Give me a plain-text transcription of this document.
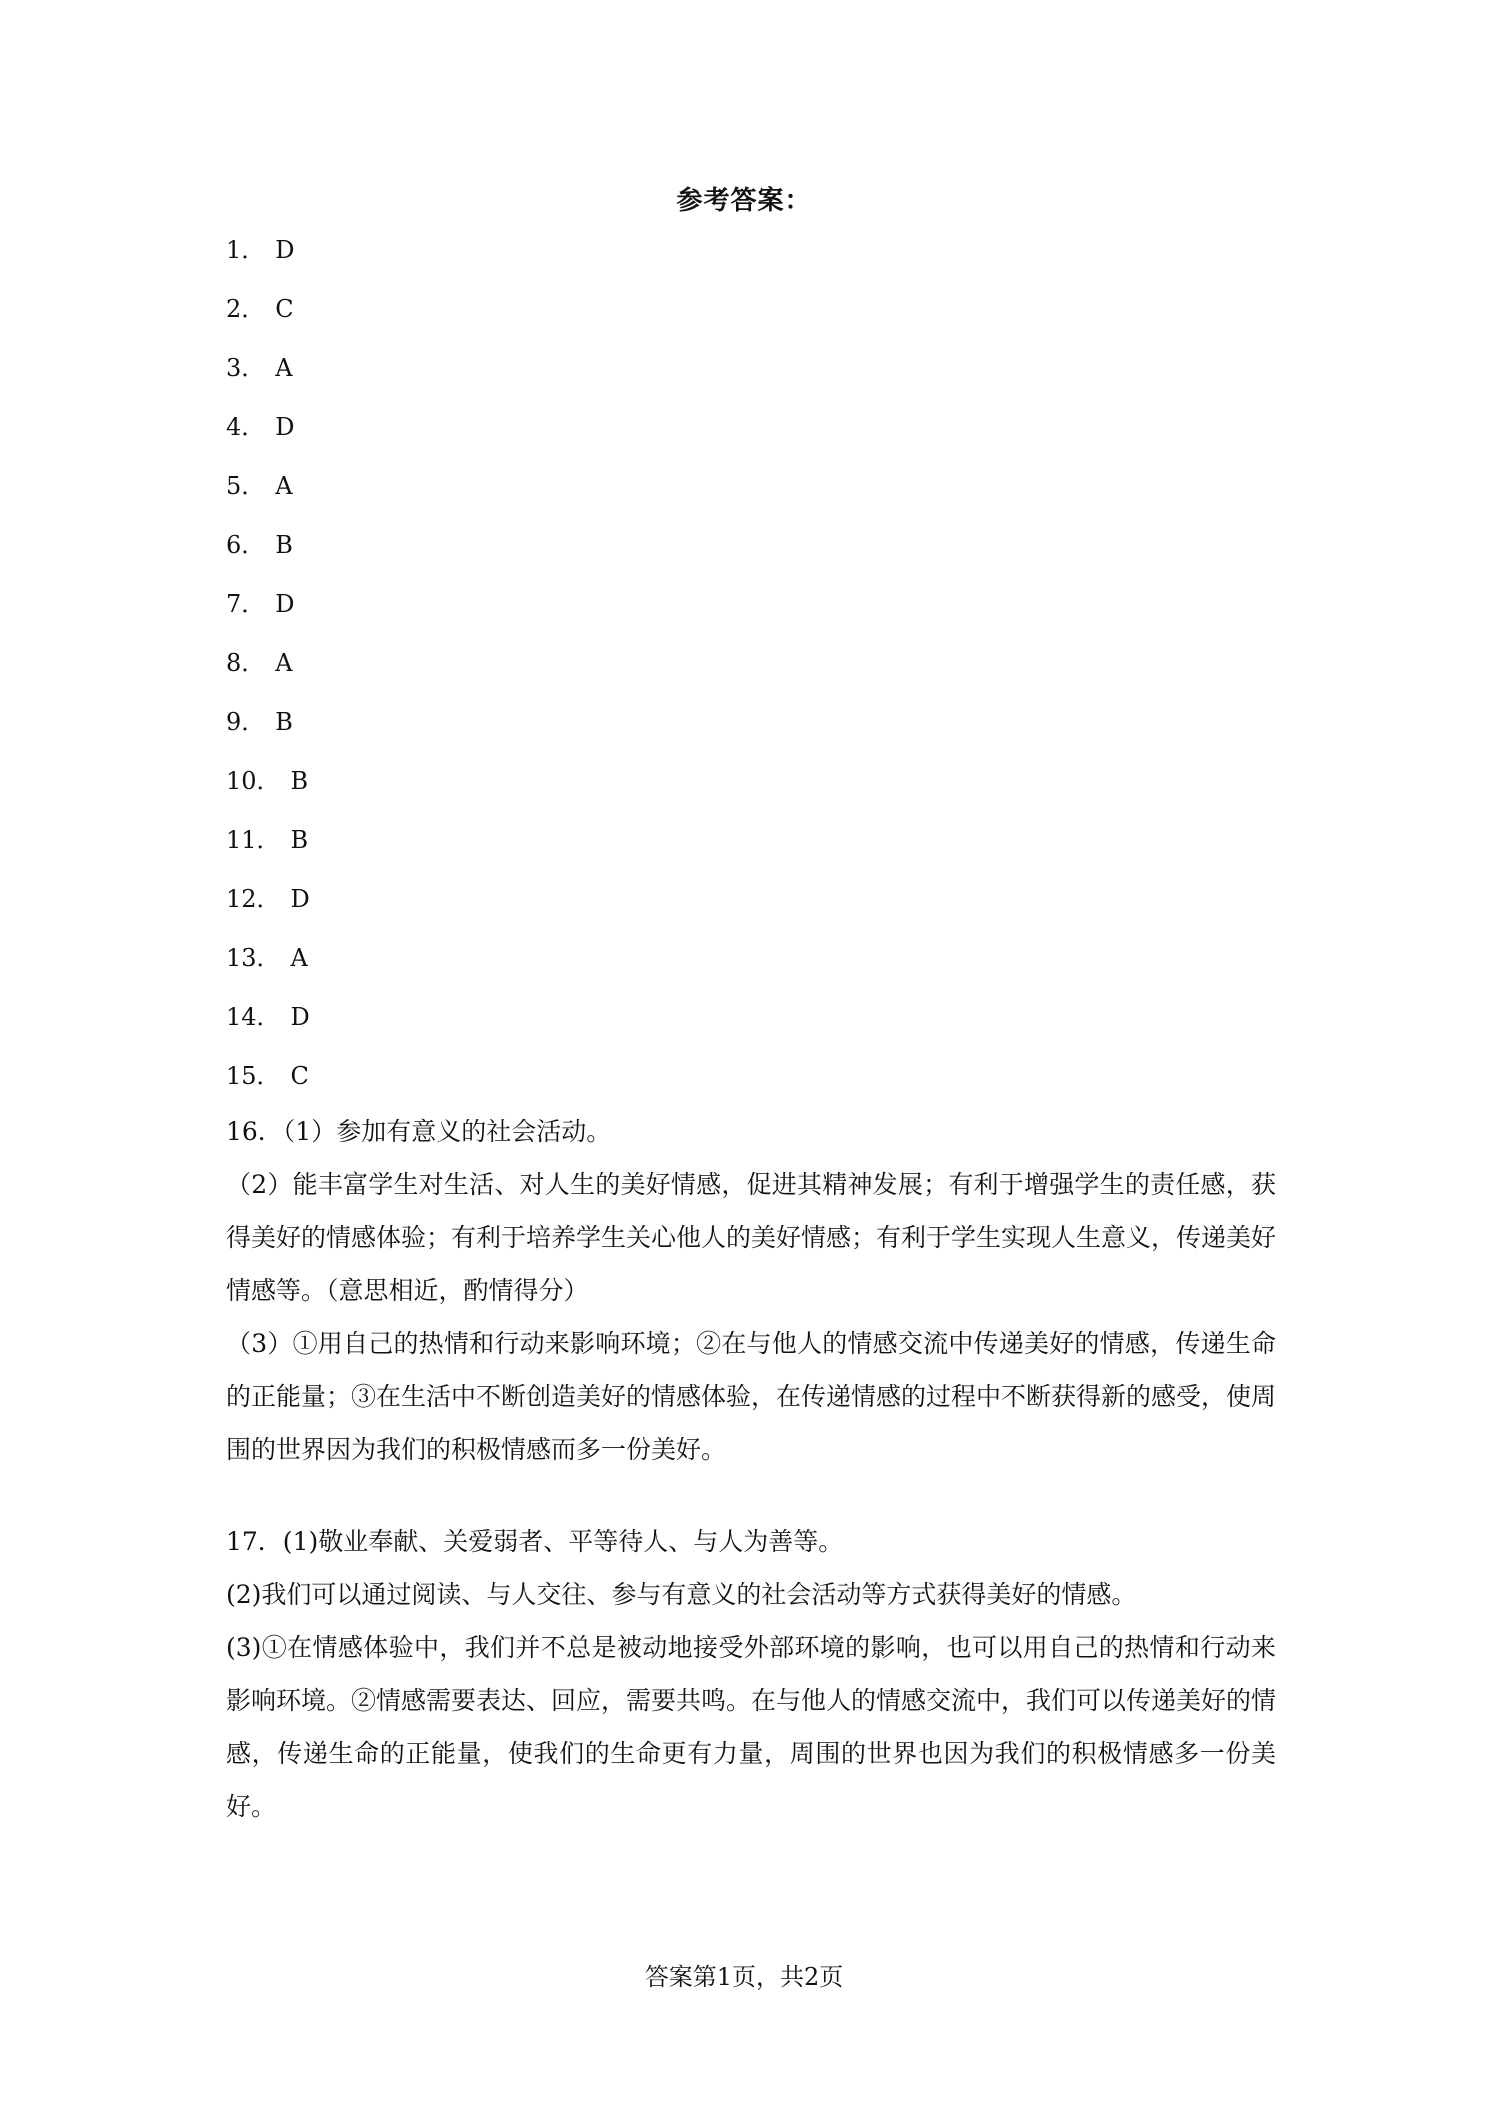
参考答案：
1． D
2． C
3． A
4． D
5． A
6． B
7． D
8． A
9． B
10． B
11． B
12． D
13． A
14． D
15． C

16．（1）参加有意义的社会活动。

（2）能丰富学生对生活、对人生的美好情感，促进其精神发展；有利于增强学生的责任感，获得美好的情感体验；有利于培养学生关心他人的美好情感；有利于学生实现人生意义，传递美好情感等。（意思相近，酌情得分）

（3）①用自己的热情和行动来影响环境；②在与他人的情感交流中传递美好的情感，传递生命的正能量；③在生活中不断创造美好的情感体验，在传递情感的过程中不断获得新的感受，使周围的世界因为我们的积极情感而多一份美好。

17．(1)敬业奉献、关爱弱者、平等待人、与人为善等。

(2)我们可以通过阅读、与人交往、参与有意义的社会活动等方式获得美好的情感。

(3)①在情感体验中，我们并不总是被动地接受外部环境的影响，也可以用自己的热情和行动来影响环境。②情感需要表达、回应，需要共鸣。在与他人的情感交流中，我们可以传递美好的情感，传递生命的正能量，使我们的生命更有力量，周围的世界也因为我们的积极情感多一份美好。

答案第1页，共2页
